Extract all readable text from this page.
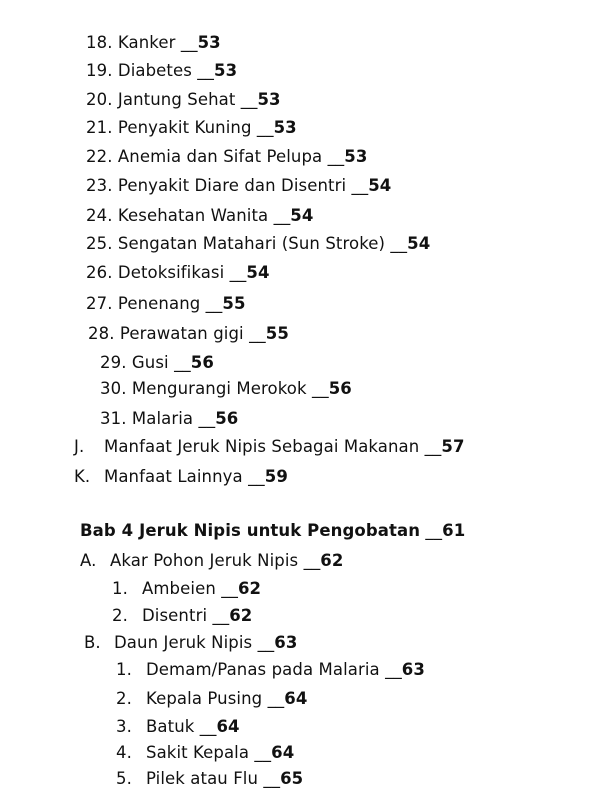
18. Kanker __53
19. Diabetes __53
20. Jantung Sehat __53
21. Penyakit Kuning __53
22. Anemia dan Sifat Pelupa __53
23. Penyakit Diare dan Disentri __54
24. Kesehatan Wanita __54
25. Sengatan Matahari (Sun Stroke) __54
26. Detoksifikasi __54
27. Penenang __55
28. Perawatan gigi __55
29. Gusi __56
30. Mengurangi Merokok __56
31. Malaria __56
J. Manfaat Jeruk Nipis Sebagai Makanan __57
K. Manfaat Lainnya __59
Bab 4 Jeruk Nipis untuk Pengobatan __61
A. Akar Pohon Jeruk Nipis __62
1. Ambeien __62
2. Disentri __62
B. Daun Jeruk Nipis __63
1. Demam/Panas pada Malaria __63
2. Kepala Pusing __64
3. Batuk __64
4. Sakit Kepala __64
5. Pilek atau Flu __65
